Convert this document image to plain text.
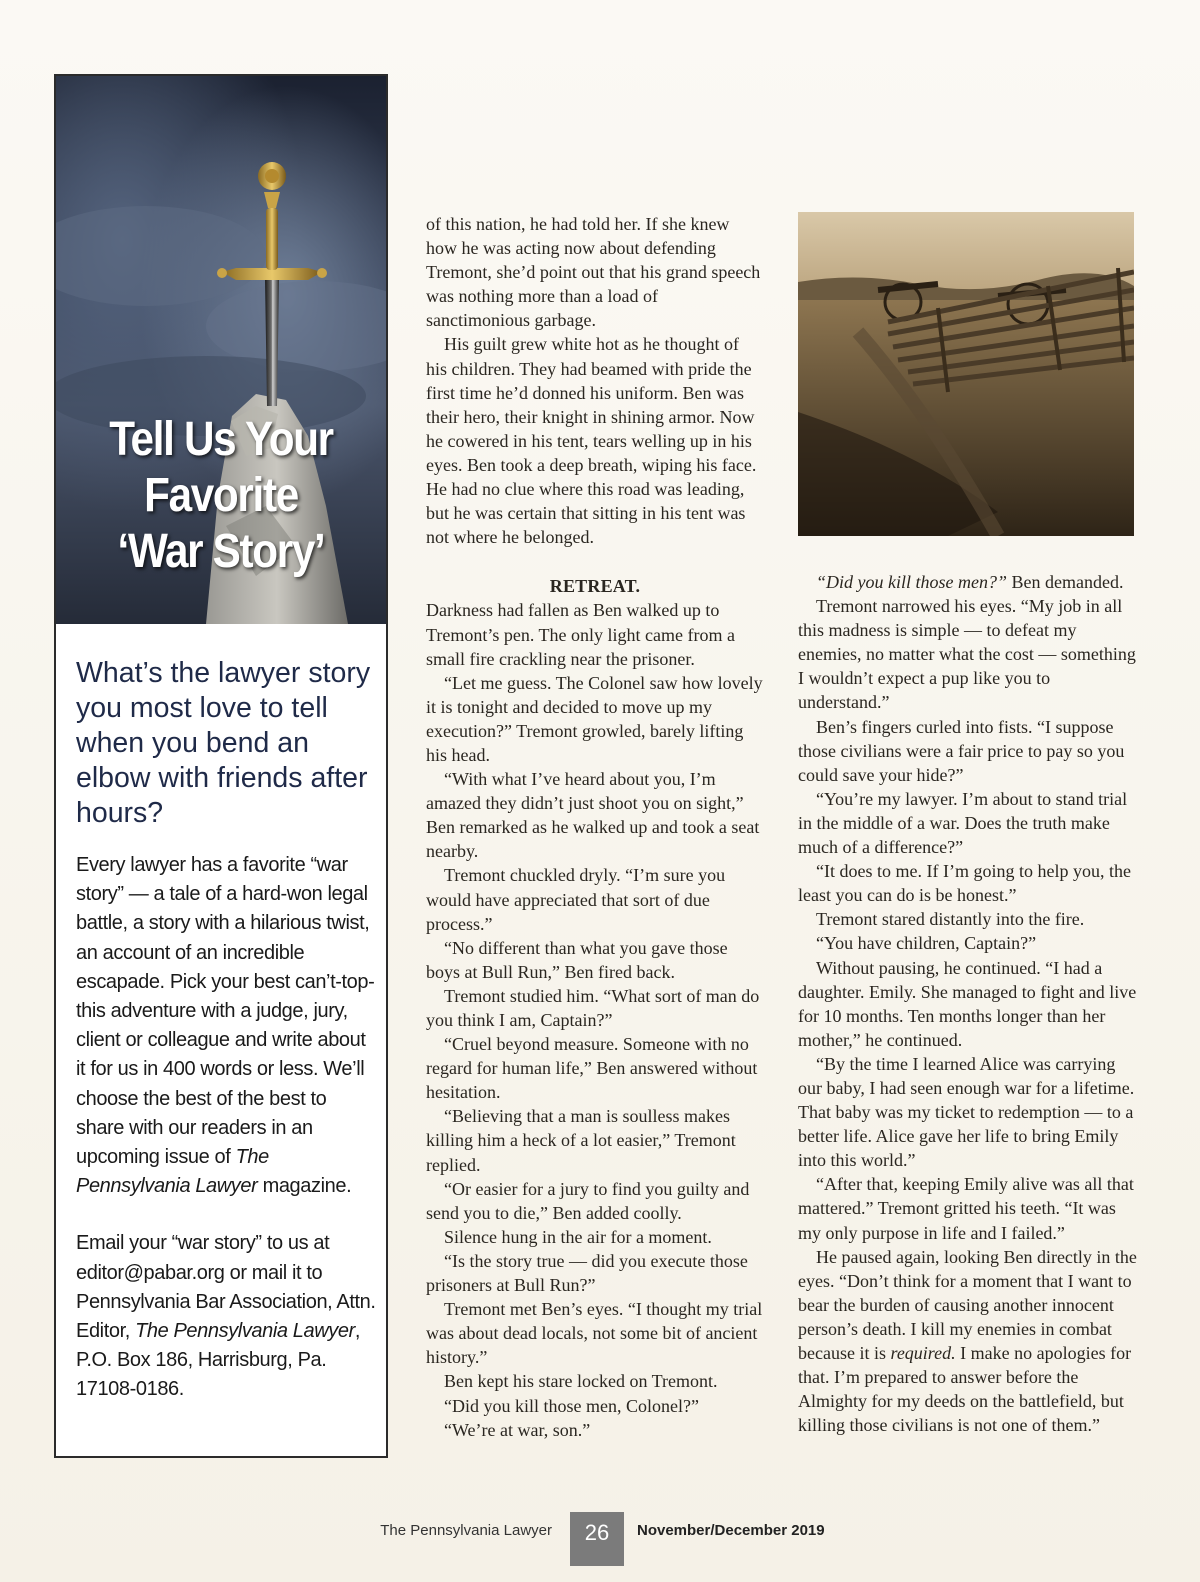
Tell Us Your
Favorite
‘War Story’

What’s the lawyer story you most love to tell when you bend an elbow with friends after hours?

Every lawyer has a favorite “war story” — a tale of a hard-won legal battle, a story with a hilarious twist, an account of an incredible escapade. Pick your best can’t-top-this adventure with a judge, jury, client or colleague and write about it for us in 400 words or less. We’ll choose the best of the best to share with our readers in an upcoming issue of The Pennsylvania Lawyer magazine.

Email your “war story” to us at editor@pabar.org or mail it to Pennsylvania Bar Association, Attn. Editor, The Pennsylvania Lawyer, P.O. Box 186, Harrisburg, Pa. 17108-0186.

of this nation, he had told her. If she knew how he was acting now about defending Tremont, she’d point out that his grand speech was nothing more than a load of sanctimonious garbage.

His guilt grew white hot as he thought of his children. They had beamed with pride the first time he’d donned his uniform. Ben was their hero, their knight in shining armor. Now he cowered in his tent, tears welling up in his eyes. Ben took a deep breath, wiping his face. He had no clue where this road was leading, but he was certain that sitting in his tent was not where he belonged.

RETREAT.

Darkness had fallen as Ben walked up to Tremont’s pen. The only light came from a small fire crackling near the prisoner.

“Let me guess. The Colonel saw how lovely it is tonight and decided to move up my execution?” Tremont growled, barely lifting his head.

“With what I’ve heard about you, I’m amazed they didn’t just shoot you on sight,” Ben remarked as he walked up and took a seat nearby.

Tremont chuckled dryly. “I’m sure you would have appreciated that sort of due process.”

“No different than what you gave those boys at Bull Run,” Ben fired back.

Tremont studied him. “What sort of man do you think I am, Captain?”

“Cruel beyond measure. Someone with no regard for human life,” Ben answered without hesitation.

“Believing that a man is soulless makes killing him a heck of a lot easier,” Tremont replied.

“Or easier for a jury to find you guilty and send you to die,” Ben added coolly.

Silence hung in the air for a moment.

“Is the story true — did you execute those prisoners at Bull Run?”

Tremont met Ben’s eyes. “I thought my trial was about dead locals, not some bit of ancient history.”

Ben kept his stare locked on Tremont.

“Did you kill those men, Colonel?”

“We’re at war, son.”

“Did you kill those men?” Ben demanded.

Tremont narrowed his eyes. “My job in all this madness is simple — to defeat my enemies, no matter what the cost — something I wouldn’t expect a pup like you to understand.”

Ben’s fingers curled into fists. “I suppose those civilians were a fair price to pay so you could save your hide?”

“You’re my lawyer. I’m about to stand trial in the middle of a war. Does the truth make much of a difference?”

“It does to me. If I’m going to help you, the least you can do is be honest.”

Tremont stared distantly into the fire.

“You have children, Captain?”

Without pausing, he continued. “I had a daughter. Emily. She managed to fight and live for 10 months. Ten months longer than her mother,” he continued.

“By the time I learned Alice was carrying our baby, I had seen enough war for a lifetime. That baby was my ticket to redemption — to a better life. Alice gave her life to bring Emily into this world.”

“After that, keeping Emily alive was all that mattered.” Tremont gritted his teeth. “It was my only purpose in life and I failed.”

He paused again, looking Ben directly in the eyes. “Don’t think for a moment that I want to bear the burden of causing another innocent person’s death. I kill my enemies in combat because it is required. I make no apologies for that. I’m prepared to answer before the Almighty for my deeds on the battlefield, but killing those civilians is not one of them.”

The Pennsylvania Lawyer	26	November/December 2019
